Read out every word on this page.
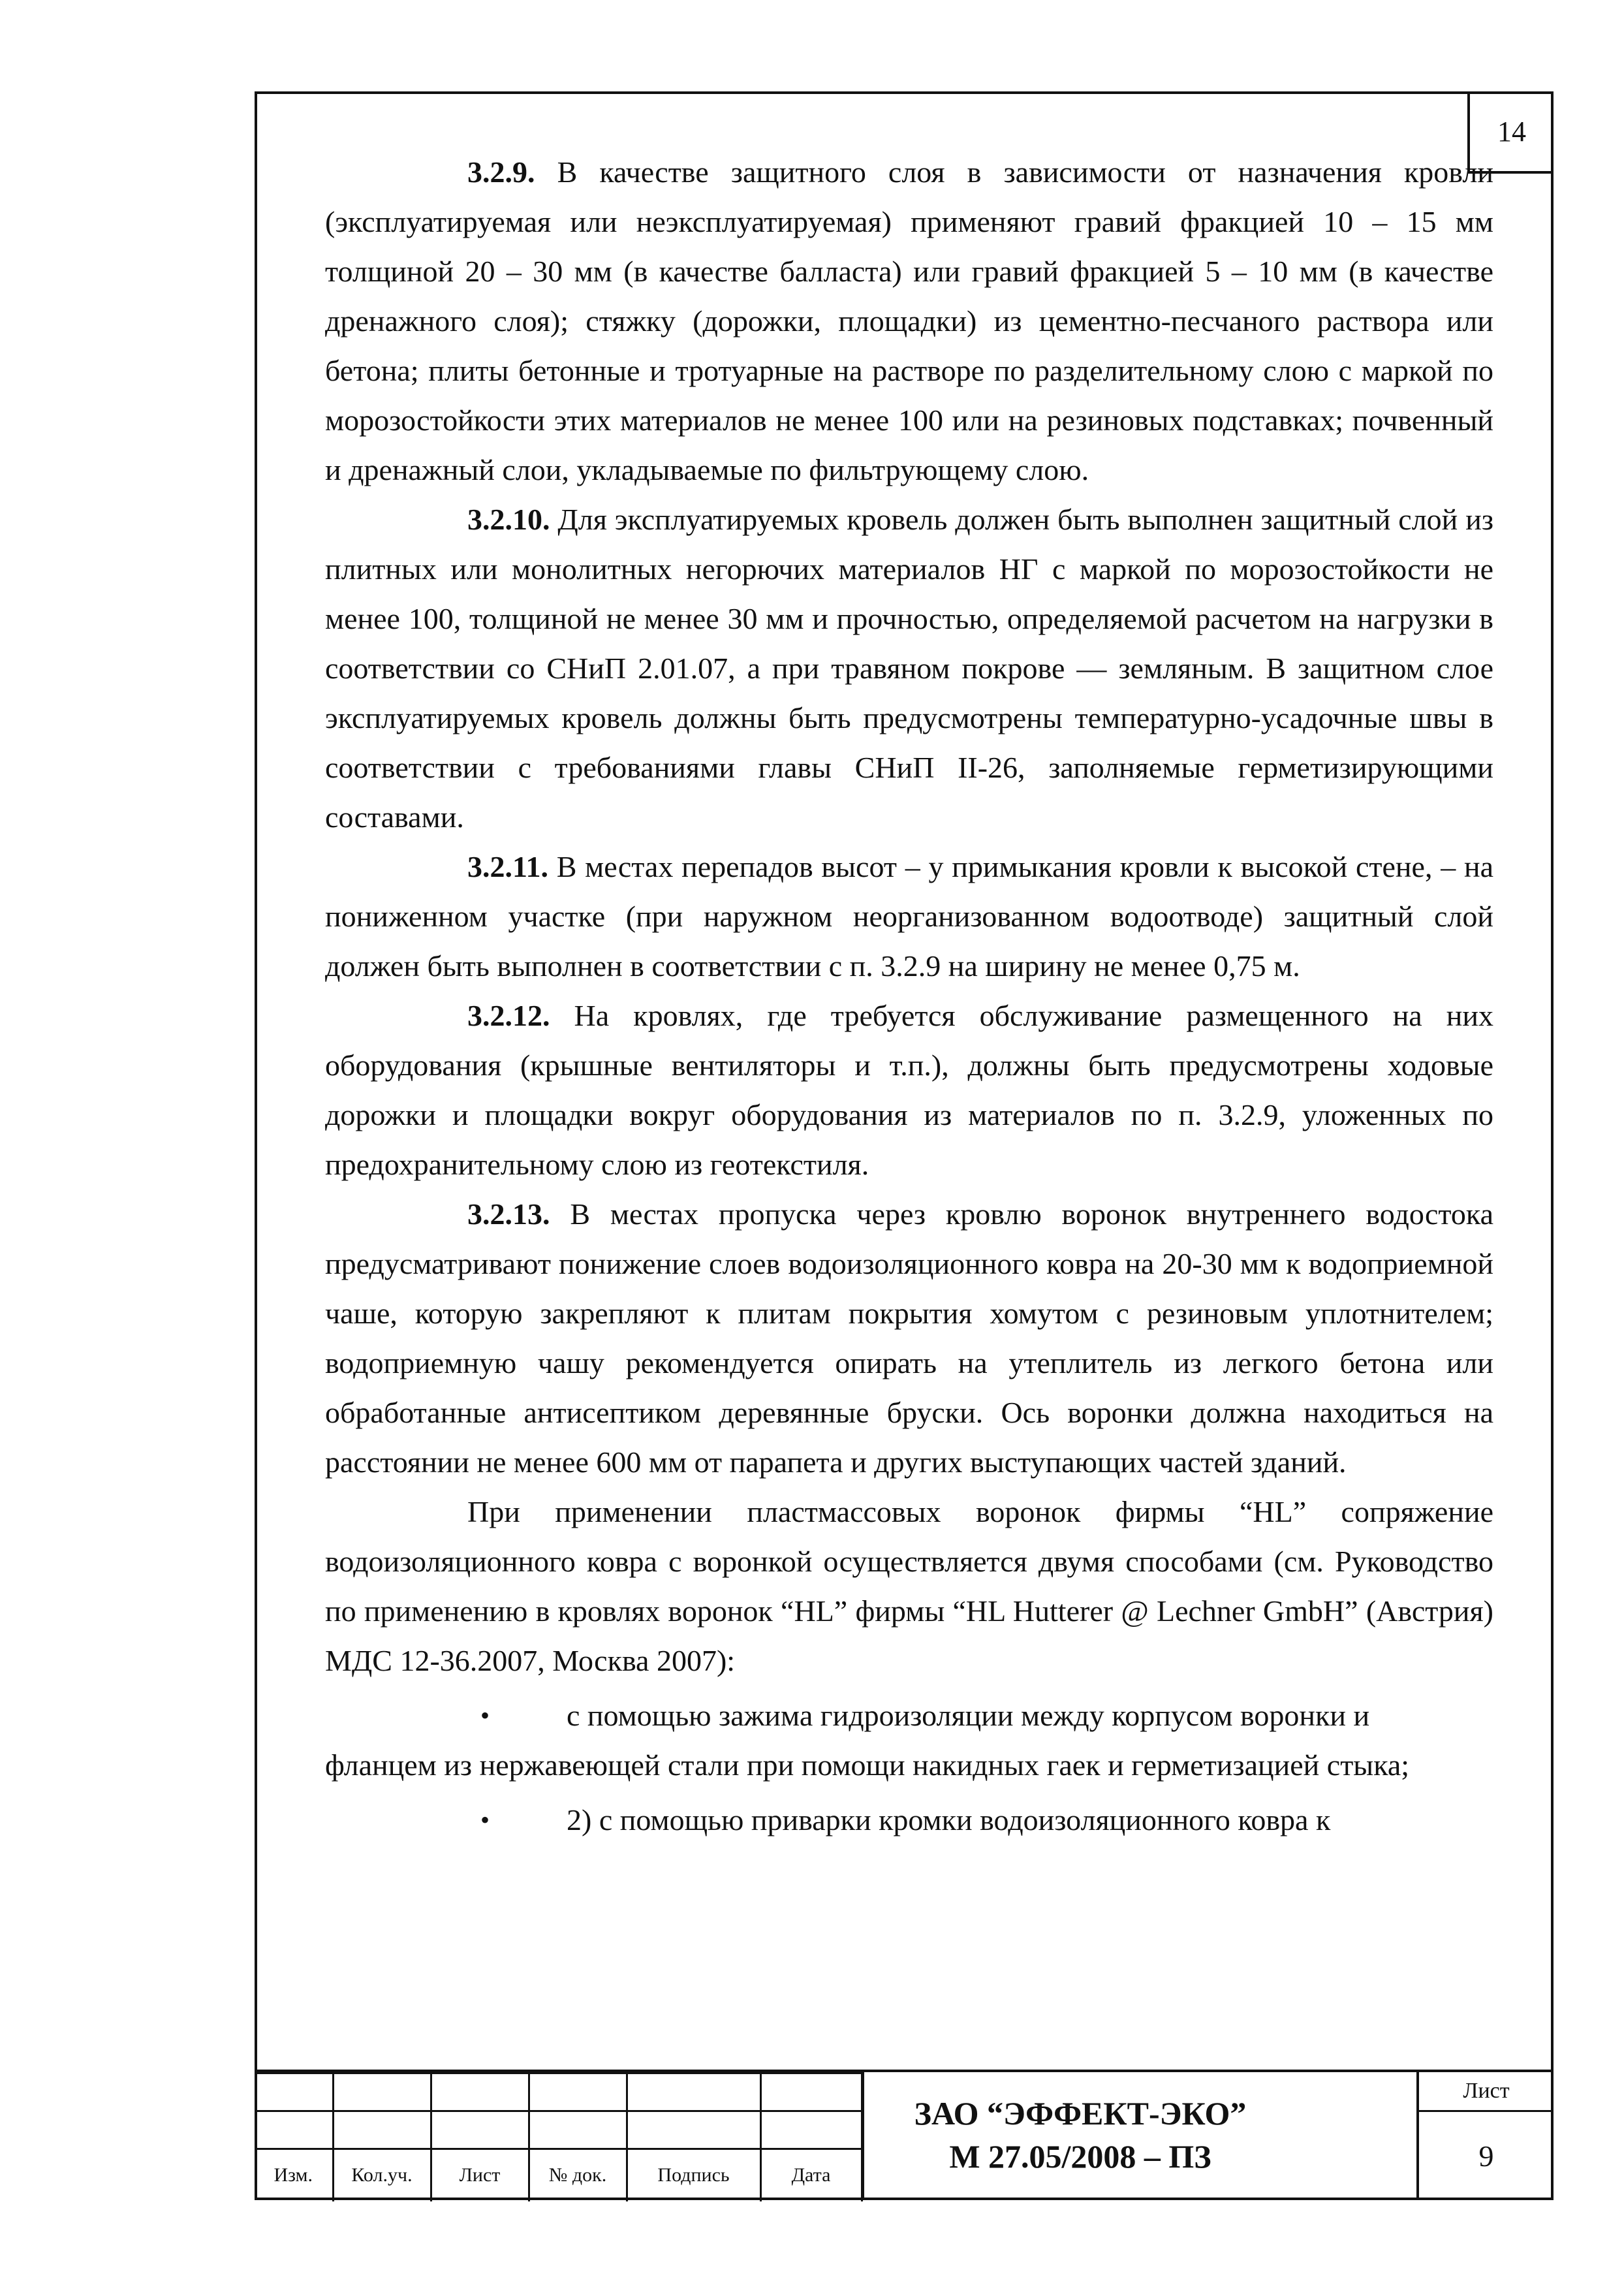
14

3.2.9. В качестве защитного слоя в зависимости от назначения кровли (эксплуатируемая или неэксплуатируемая) применяют гравий фракцией 10 – 15 мм толщиной 20 – 30 мм (в качестве балласта) или гравий фракцией 5 – 10 мм (в качестве дренажного слоя); стяжку (дорожки, площадки) из цементно-песчаного раствора или бетона; плиты бетонные и тротуарные на растворе по разделительному слою с маркой по морозостойкости этих материалов не менее 100 или на резиновых подставках; почвенный и дренажный слои, укладываемые по фильтрующему слою.

3.2.10. Для эксплуатируемых кровель должен быть выполнен защитный слой из плитных или монолитных негорючих материалов НГ с маркой по морозостойкости не менее 100, толщиной не менее 30 мм и прочностью, определяемой расчетом на нагрузки в соответствии со СНиП 2.01.07, а при травяном покрове — земляным. В защитном слое эксплуатируемых кровель должны быть предусмотрены температурно-усадочные швы в соответствии с требованиями главы СНиП II-26, заполняемые герметизирующими составами.

3.2.11. В местах перепадов высот – у примыкания кровли к высокой стене, – на пониженном участке (при наружном неорганизованном водоотводе) защитный слой должен быть выполнен в соответствии с п. 3.2.9 на ширину не менее 0,75 м.

3.2.12. На кровлях, где требуется обслуживание размещенного на них оборудования (крышные вентиляторы и т.п.), должны быть предусмотрены ходовые дорожки и площадки вокруг оборудования из материалов по п. 3.2.9, уложенных по предохранительному слою из геотекстиля.

3.2.13. В местах пропуска через кровлю воронок внутреннего водостока предусматривают понижение слоев водоизоляционного ковра на 20-30 мм к водоприемной чаше, которую закрепляют к плитам покрытия хомутом с резиновым уплотнителем; водоприемную чашу рекомендуется опирать на утеплитель из легкого бетона или обработанные антисептиком деревянные бруски. Ось воронки должна находиться на расстоянии не менее 600 мм от парапета и других выступающих частей зданий.

При применении пластмассовых воронок фирмы “HL” сопряжение водоизоляционного ковра с воронкой осуществляется двумя способами (см. Руководство по применению в кровлях воронок “HL” фирмы “HL Hutterer @ Lechner GmbH” (Австрия) МДС 12-36.2007, Москва 2007):

•	с помощью зажима гидроизоляции между корпусом воронки и
фланцем из нержавеющей стали при помощи накидных гаек и герметизацией стыка;
•	2) с помощью приварки кромки водоизоляционного ковра к

Изм.	Кол.уч.	Лист	№ док.	Подпись	Дата
ЗАО “ЭФФЕКТ-ЭКО”
М 27.05/2008 – ПЗ
Лист
9
